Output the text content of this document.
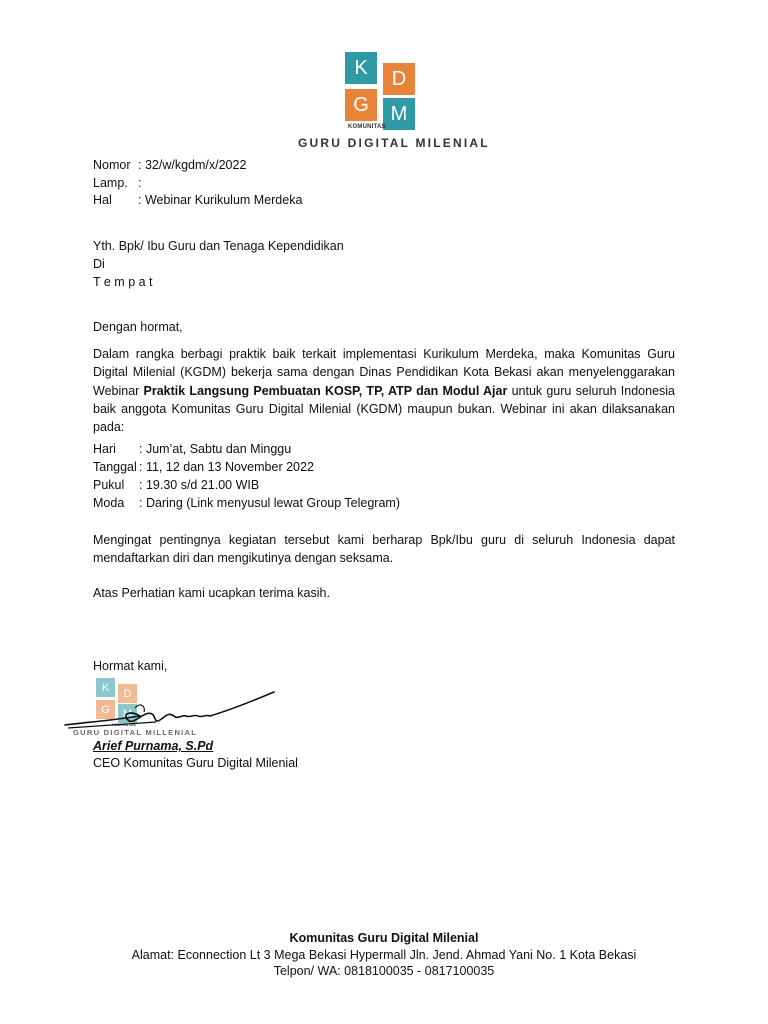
K	D
G	M
KOMUNITAS
GURU DIGITAL MILENIAL
Nomor : 32/w/kgdm/x/2022
Lamp. :
Hal : Webinar Kurikulum Merdeka
Yth. Bpk/ Ibu Guru dan Tenaga Kependidikan
Di
T e m p a t
Dengan hormat,
Dalam rangka berbagi praktik baik terkait implementasi Kurikulum Merdeka, maka Komunitas Guru Digital Milenial (KGDM) bekerja sama dengan Dinas Pendidikan Kota Bekasi akan menyelenggarakan Webinar Praktik Langsung Pembuatan KOSP, TP, ATP dan Modul Ajar untuk guru seluruh Indonesia baik anggota Komunitas Guru Digital Milenial (KGDM) maupun bukan. Webinar ini akan dilaksanakan pada:
Hari : Jum’at, Sabtu dan Minggu
Tanggal : 11, 12 dan 13 November 2022
Pukul : 19.30 s/d 21.00 WIB
Moda : Daring (Link menyusul lewat Group Telegram)
Mengingat pentingnya kegiatan tersebut kami berharap Bpk/Ibu guru di seluruh Indonesia dapat mendaftarkan diri dan mengikutinya dengan seksama.
Atas Perhatian kami ucapkan terima kasih.
Hormat kami,
K	D
G	M
KOMUNITAS
GURU DIGITAL MILLENIAL
Arief Purnama, S.Pd
CEO Komunitas Guru Digital Milenial
Komunitas Guru Digital Milenial
Alamat: Econnection Lt 3 Mega Bekasi Hypermall Jln. Jend. Ahmad Yani No. 1 Kota Bekasi
Telpon/ WA: 0818100035 - 0817100035
